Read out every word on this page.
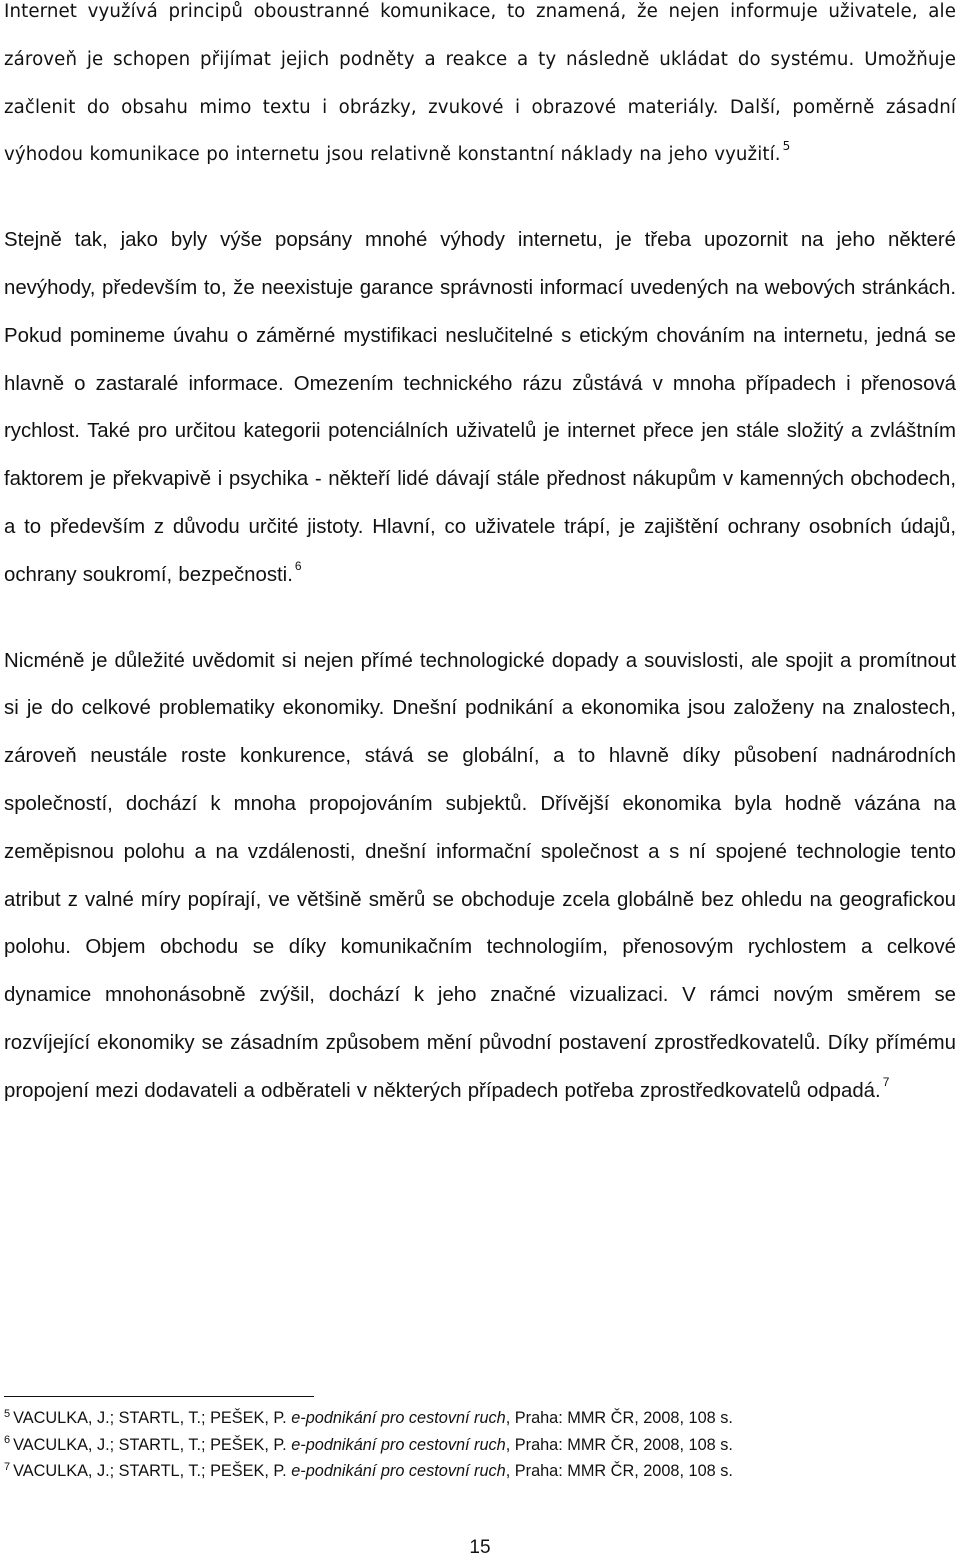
Internet využívá principů oboustranné komunikace, to znamená, že nejen informuje uživatele, ale zároveň je schopen přijímat jejich podněty a reakce a ty následně ukládat do systému. Umožňuje začlenit do obsahu mimo textu i obrázky, zvukové i obrazové materiály. Další, poměrně zásadní výhodou komunikace po internetu jsou relativně konstantní náklady na jeho využití. $^5$

Stejně tak, jako byly výše popsány mnohé výhody internetu, je třeba upozornit na jeho některé nevýhody, především to, že neexistuje garance správnosti informací uvedených na webových stránkách. Pokud pomineme úvahu o záměrné mystifikaci neslučitelné s etickým chováním na internetu, jedná se hlavně o zastaralé informace. Omezením technického rázu zůstává v mnoha případech i přenosová rychlost. Také pro určitou kategorii potenciálních uživatelů je internet přece jen stále složitý a zvláštním faktorem je překvapivě i psychika - někteří lidé dávají stále přednost nákupům v kamenných obchodech, a to především z důvodu určité jistoty. Hlavní, co uživatele trápí, je zajištění ochrany osobních údajů, ochrany soukromí, bezpečnosti. $^6$

Nicméně je důležité uvědomit si nejen přímé technologické dopady a souvislosti, ale spojit a promítnout si je do celkové problematiky ekonomiky. Dnešní podnikání a ekonomika jsou založeny na znalostech, zároveň neustále roste konkurence, stává se globální, a to hlavně díky působení nadnárodních společností, dochází k mnoha propojováním subjektů. Dřívější ekonomika byla hodně vázána na zeměpisnou polohu a na vzdálenosti, dnešní informační společnost a s ní spojené technologie tento atribut z valné míry popírají, ve většině směrů se obchoduje zcela globálně bez ohledu na geografickou polohu. Objem obchodu se díky komunikačním technologiím, přenosovým rychlostem a celkové dynamice mnohonásobně zvýšil, dochází k jeho značné vizualizaci. V rámci novým směrem se rozvíjející ekonomiky se zásadním způsobem mění původní postavení zprostředkovatelů. Díky přímému propojení mezi dodavateli a odběrateli v některých případech potřeba zprostředkovatelů odpadá. $^7$

$^5$ VACULKA, J.; STARTL, T.; PEŠEK, P. e-podnikání pro cestovní ruch, Praha: MMR ČR, 2008, 108 s.
$^6$ VACULKA, J.; STARTL, T.; PEŠEK, P. e-podnikání pro cestovní ruch, Praha: MMR ČR, 2008, 108 s.
$^7$ VACULKA, J.; STARTL, T.; PEŠEK, P. e-podnikání pro cestovní ruch, Praha: MMR ČR, 2008, 108 s.
15
